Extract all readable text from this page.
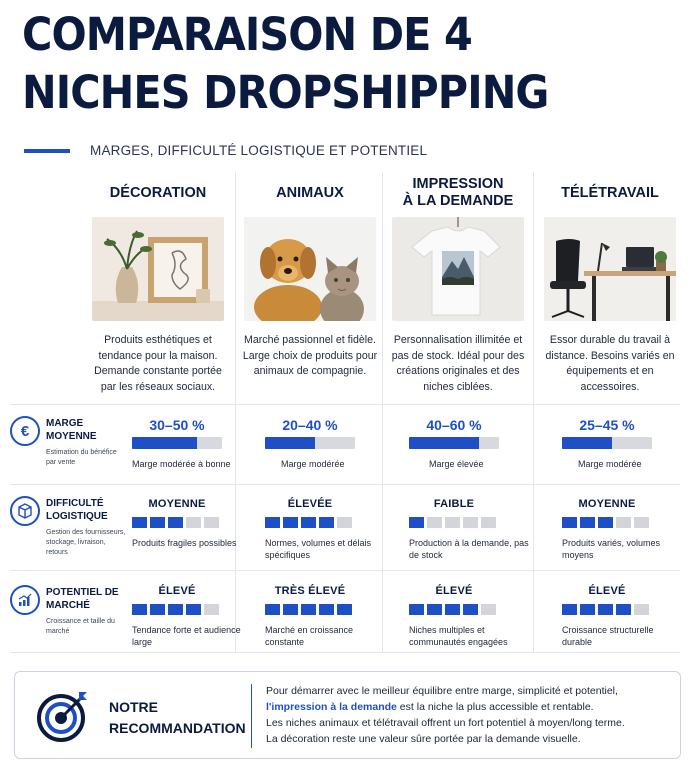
COMPARAISON DE 4 NICHES DROPSHIPPING
MARGES, DIFFICULTÉ LOGISTIQUE ET POTENTIEL
DÉCORATION
Produits esthétiques et tendance pour la maison. Demande constante portée par les réseaux sociaux.
ANIMAUX
Marché passionnel et fidèle. Large choix de produits pour animaux de compagnie.
IMPRESSION
À LA DEMANDE
Personnalisation illimitée et pas de stock. Idéal pour des créations originales et des niches ciblées.
TÉLÉTRAVAIL
Essor durable du travail à distance. Besoins variés en équipements et en accessoires.
€	MARGE MOYENNE
Estimation du bénéfice par vente
DIFFICULTÉ LOGISTIQUE
Gestion des fournisseurs, stockage, livraison, retours
POTENTIEL DE MARCHÉ
Croissance et taille du marché
30–50 %
Marge modérée à bonne
20–40 %
Marge modérée
40–60 %
Marge élevée
25–45 %
Marge modérée
MOYENNE
Produits fragiles possibles
ÉLEVÉE
Normes, volumes et délais spécifiques
FAIBLE
Production à la demande, pas de stock
MOYENNE
Produits variés, volumes moyens
ÉLEVÉ
Tendance forte et audience large
TRÈS ÉLEVÉ
Marché en croissance constante
ÉLEVÉ
Niches multiples et communautés engagées
ÉLEVÉ
Croissance structurelle durable
NOTRE RECOMMANDATION
Pour démarrer avec le meilleur équilibre entre marge, simplicité et potentiel,
l'impression à la demande est la niche la plus accessible et rentable.
Les niches animaux et télétravail offrent un fort potentiel à moyen/long terme.
La décoration reste une valeur sûre portée par la demande visuelle.
